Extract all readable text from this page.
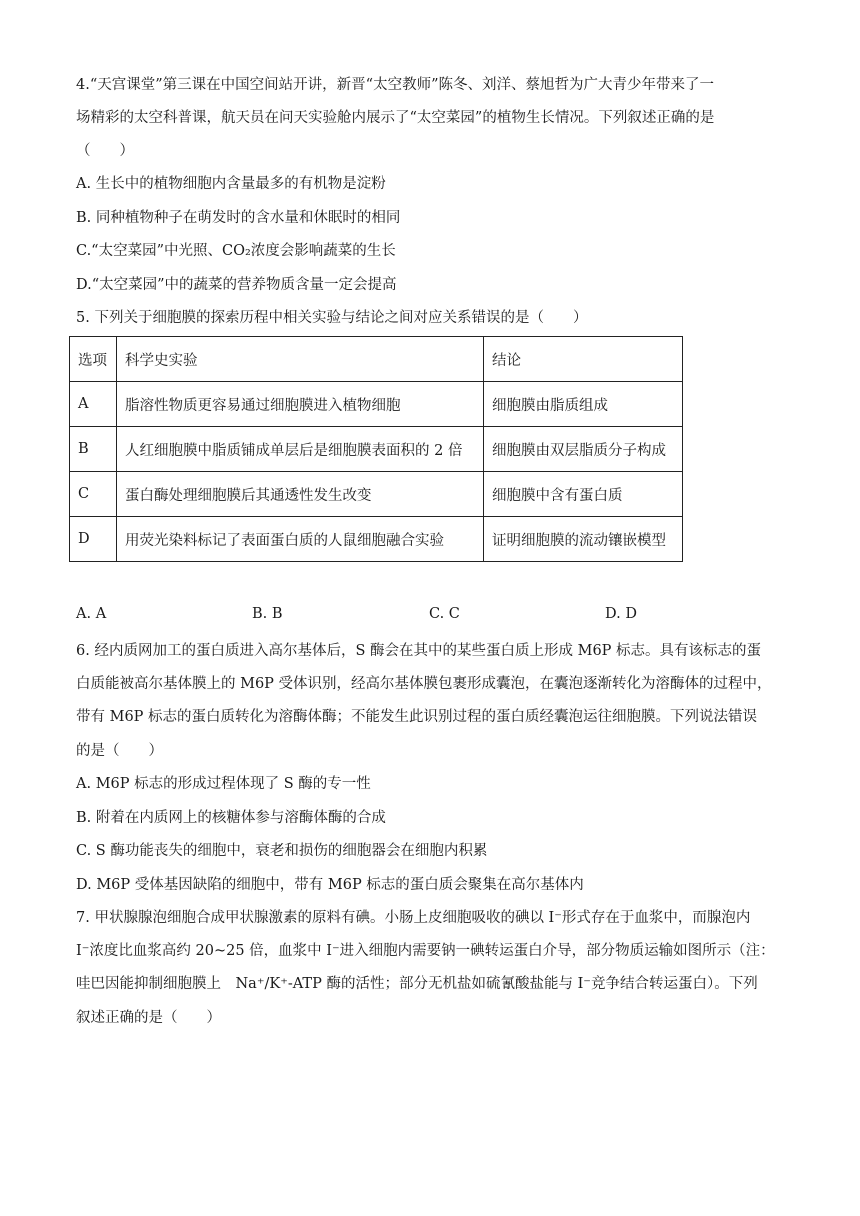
4.“天宫课堂”第三课在中国空间站开讲，新晋“太空教师”陈冬、刘洋、蔡旭哲为广大青少年带来了一
场精彩的太空科普课，航天员在问天实验舱内展示了“太空菜园”的植物生长情况。下列叙述正确的是
（　　）
A. 生长中的植物细胞内含量最多的有机物是淀粉
B. 同种植物种子在萌发时的含水量和休眠时的相同
C.“太空菜园”中光照、CO₂浓度会影响蔬菜的生长
D.“太空菜园”中的蔬菜的营养物质含量一定会提高
5. 下列关于细胞膜的探索历程中相关实验与结论之间对应关系错误的是（　　）
选项	科学史实验	结论
A	脂溶性物质更容易通过细胞膜进入植物细胞	细胞膜由脂质组成
B	人红细胞膜中脂质铺成单层后是细胞膜表面积的 2 倍	细胞膜由双层脂质分子构成
C	蛋白酶处理细胞膜后其通透性发生改变	细胞膜中含有蛋白质
D	用荧光染料标记了表面蛋白质的人鼠细胞融合实验	证明细胞膜的流动镶嵌模型
A. A	B. B	C. C	D. D
6. 经内质网加工的蛋白质进入高尔基体后，S 酶会在其中的某些蛋白质上形成 M6P 标志。具有该标志的蛋
白质能被高尔基体膜上的 M6P 受体识别，经高尔基体膜包裹形成囊泡，在囊泡逐渐转化为溶酶体的过程中，
带有 M6P 标志的蛋白质转化为溶酶体酶；不能发生此识别过程的蛋白质经囊泡运往细胞膜。下列说法错误
的是（　　）
A. M6P 标志的形成过程体现了 S 酶的专一性
B. 附着在内质网上的核糖体参与溶酶体酶的合成
C. S 酶功能丧失的细胞中，衰老和损伤的细胞器会在细胞内积累
D. M6P 受体基因缺陷的细胞中，带有 M6P 标志的蛋白质会聚集在高尔基体内
7. 甲状腺腺泡细胞合成甲状腺激素的原料有碘。小肠上皮细胞吸收的碘以 I⁻形式存在于血浆中，而腺泡内
I⁻浓度比血浆高约 20~25 倍，血浆中 I⁻进入细胞内需要钠一碘转运蛋白介导，部分物质运输如图所示（注：
哇巴因能抑制细胞膜上　Na⁺/K⁺-ATP 酶的活性；部分无机盐如硫氰酸盐能与 I⁻竞争结合转运蛋白）。下列
叙述正确的是（　　）
